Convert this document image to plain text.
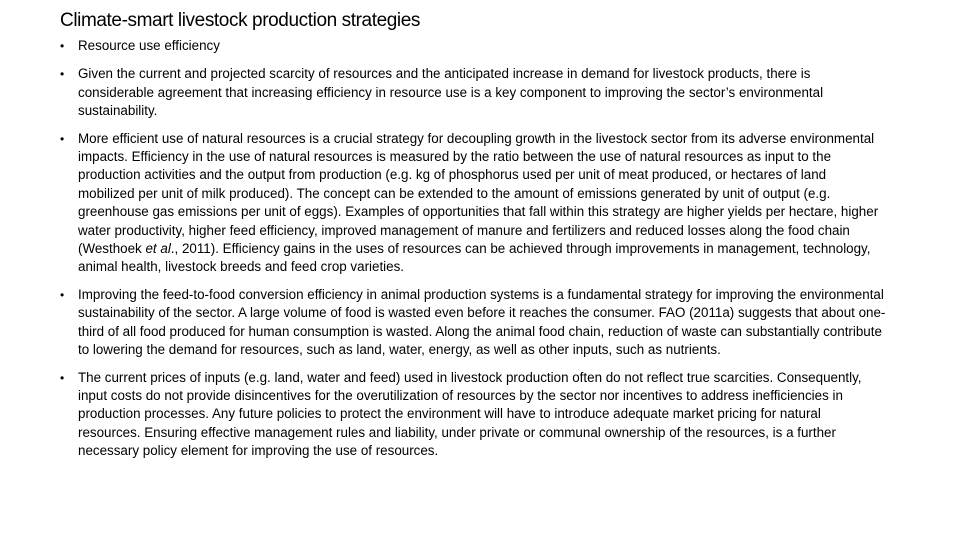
Climate-smart livestock production strategies
• Resource use efficiency
• Given the current and projected scarcity of resources and the anticipated increase in demand for livestock products, there is considerable agreement that increasing efficiency in resource use is a key component to improving the sector’s environmental sustainability.
• More efficient use of natural resources is a crucial strategy for decoupling growth in the livestock sector from its adverse environmental impacts. Efficiency in the use of natural resources is measured by the ratio between the use of natural resources as input to the production activities and the output from production (e.g. kg of phosphorus used per unit of meat produced, or hectares of land mobilized per unit of milk produced). The concept can be extended to the amount of emissions generated by unit of output (e.g. greenhouse gas emissions per unit of eggs). Examples of opportunities that fall within this strategy are higher yields per hectare, higher water productivity, higher feed efficiency, improved management of manure and fertilizers and reduced losses along the food chain (Westhoek et al., 2011). Efficiency gains in the uses of resources can be achieved through improvements in management, technology, animal health, livestock breeds and feed crop varieties.
• Improving the feed-to-food conversion efficiency in animal production systems is a fundamental strategy for improving the environmental sustainability of the sector. A large volume of food is wasted even before it reaches the consumer. FAO (2011a) suggests that about one-third of all food produced for human consumption is wasted. Along the animal food chain, reduction of waste can substantially contribute to lowering the demand for resources, such as land, water, energy, as well as other inputs, such as nutrients.
• The current prices of inputs (e.g. land, water and feed) used in livestock production often do not reflect true scarcities. Consequently, input costs do not provide disincentives for the overutilization of resources by the sector nor incentives to address inefficiencies in production processes. Any future policies to protect the environment will have to introduce adequate market pricing for natural resources. Ensuring effective management rules and liability, under private or communal ownership of the resources, is a further necessary policy element for improving the use of resources.
